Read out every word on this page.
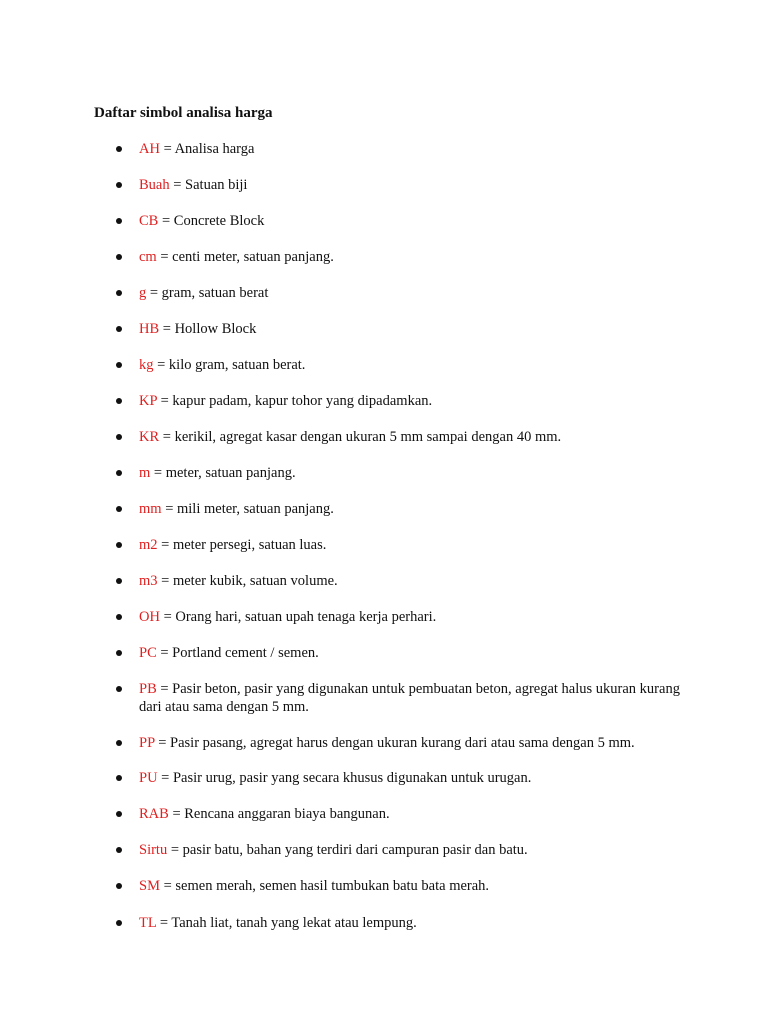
Daftar simbol analisa harga
AH = Analisa harga
Buah = Satuan biji
CB = Concrete Block
cm = centi meter, satuan panjang.
g = gram, satuan berat
HB = Hollow Block
kg = kilo gram, satuan berat.
KP = kapur padam, kapur tohor yang dipadamkan.
KR = kerikil, agregat kasar dengan ukuran 5 mm sampai dengan 40 mm.
m = meter, satuan panjang.
mm = mili meter, satuan panjang.
m2 = meter persegi, satuan luas.
m3 = meter kubik, satuan volume.
OH = Orang hari, satuan upah tenaga kerja perhari.
PC = Portland cement / semen.
PB = Pasir beton, pasir yang digunakan untuk pembuatan beton, agregat halus ukuran kurang dari atau sama dengan 5 mm.
PP = Pasir pasang, agregat harus dengan ukuran kurang dari atau sama dengan 5 mm.
PU = Pasir urug, pasir yang secara khusus digunakan untuk urugan.
RAB = Rencana anggaran biaya bangunan.
Sirtu = pasir batu, bahan yang terdiri dari campuran pasir dan batu.
SM = semen merah, semen hasil tumbukan batu bata merah.
TL = Tanah liat, tanah yang lekat atau lempung.
